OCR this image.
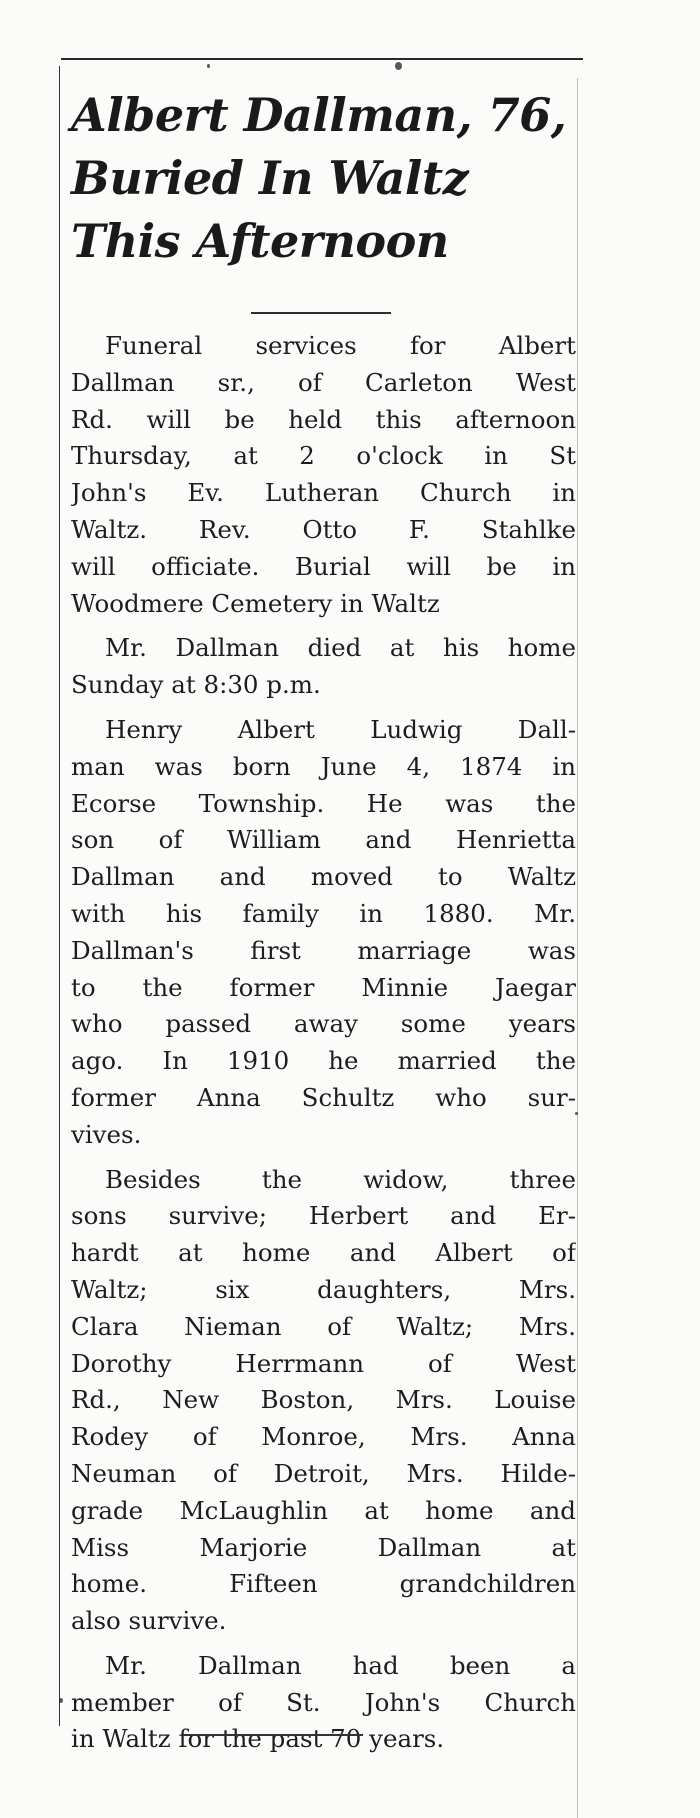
Albert Dallman, 76,
Buried In Waltz
This Afternoon
Funeral services for Albert
Dallman sr., of Carleton West
Rd. will be held this afternoon
Thursday, at 2 o'clock in St
John's Ev. Lutheran Church in
Waltz. Rev. Otto F. Stahlke
will officiate. Burial will be in
Woodmere Cemetery in Waltz
Mr. Dallman died at his home
Sunday at 8:30 p.m.
Henry Albert Ludwig Dall-
man was born June 4, 1874 in
Ecorse Township. He was the
son of William and Henrietta
Dallman and moved to Waltz
with his family in 1880. Mr.
Dallman's first marriage was
to the former Minnie Jaegar
who passed away some years
ago. In 1910 he married the
former Anna Schultz who sur-
vives.
Besides the widow, three
sons survive; Herbert and Er-
hardt at home and Albert of
Waltz; six daughters, Mrs.
Clara Nieman of Waltz; Mrs.
Dorothy Herrmann of West
Rd., New Boston, Mrs. Louise
Rodey of Monroe, Mrs. Anna
Neuman of Detroit, Mrs. Hilde-
grade McLaughlin at home and
Miss Marjorie Dallman at
home. Fifteen grandchildren
also survive.
Mr. Dallman had been a
member of St. John's Church
in Waltz for the past 70 years.
